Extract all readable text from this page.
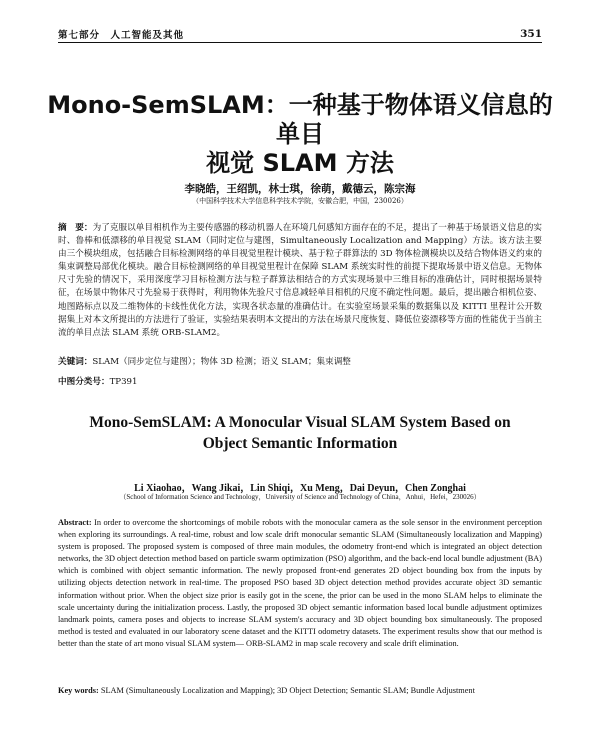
第七部分　人工智能及其他	351
Mono-SemSLAM：一种基于物体语义信息的单目
视觉 SLAM 方法
李晓皓，王绍凯，林士琪，徐萌，戴德云，陈宗海
（中国科学技术大学信息科学技术学院，安徽合肥，中国，230026）
摘　要：为了克服以单目相机作为主要传感器的移动机器人在环境几何感知方面存在的不足，提出了一种基于场景语义信息的实时、鲁棒和低漂移的单目视觉 SLAM（同时定位与建图，Simultaneously Localization and Mapping）方法。该方法主要由三个模块组成，包括融合目标检测网络的单目视觉里程计模块、基于粒子群算法的 3D 物体检测模块以及结合物体语义约束的集束调整局部优化模块。融合目标检测网络的单目视觉里程计在保障 SLAM 系统实时性的前提下提取场景中语义信息。无物体尺寸先验的情况下，采用深度学习目标检测方法与粒子群算法相结合的方式实现场景中三维目标的准确估计，同时根据场景特征，在场景中物体尺寸先验易于获得时，利用物体先验尺寸信息减轻单目相机的尺度不确定性问题。最后，提出融合相机位姿、地图路标点以及二维物体的卡线性优化方法，实现各状态量的准确估计。在实验室场景采集的数据集以及 KITTI 里程计公开数据集上对本文所提出的方法进行了验证，实验结果表明本文提出的方法在场景尺度恢复、降低位姿漂移等方面的性能优于当前主流的单目点法 SLAM 系统 ORB-SLAM2。
关键词：SLAM（同步定位与建图）；物体 3D 检测；语义 SLAM；集束调整
中图分类号：TP391
Mono-SemSLAM: A Monocular Visual SLAM System Based on
Object Semantic Information
Li Xiaohao，Wang Jikai，Lin Shiqi，Xu Meng，Dai Deyun，Chen Zonghai
（School of Information Science and Technology，University of Science and Technology of China，Anhui，Hefei，230026）
Abstract: In order to overcome the shortcomings of mobile robots with the monocular camera as the sole sensor in the environment perception when exploring its surroundings. A real-time, robust and low scale drift monocular semantic SLAM (Simultaneously localization and Mapping) system is proposed. The proposed system is composed of three main modules, the odometry front-end which is integrated an object detection networks, the 3D object detection method based on particle swarm optimization (PSO) algorithm, and the back-end local bundle adjustment (BA) which is combined with object semantic information. The newly proposed front-end generates 2D object bounding box from the inputs by utilizing objects detection network in real-time. The proposed PSO based 3D object detection method provides accurate object 3D semantic information without prior. When the object size prior is easily got in the scene, the prior can be used in the mono SLAM helps to eliminate the scale uncertainty during the initialization process. Lastly, the proposed 3D object semantic information based local bundle adjustment optimizes landmark points, camera poses and objects to increase SLAM system's accuracy and 3D object bounding box simultaneously. The proposed method is tested and evaluated in our laboratory scene dataset and the KITTI odometry datasets. The experiment results show that our method is better than the state of art mono visual SLAM system— ORB-SLAM2 in map scale recovery and scale drift elimination.
Key words: SLAM (Simultaneously Localization and Mapping); 3D Object Detection; Semantic SLAM; Bundle Adjustment
